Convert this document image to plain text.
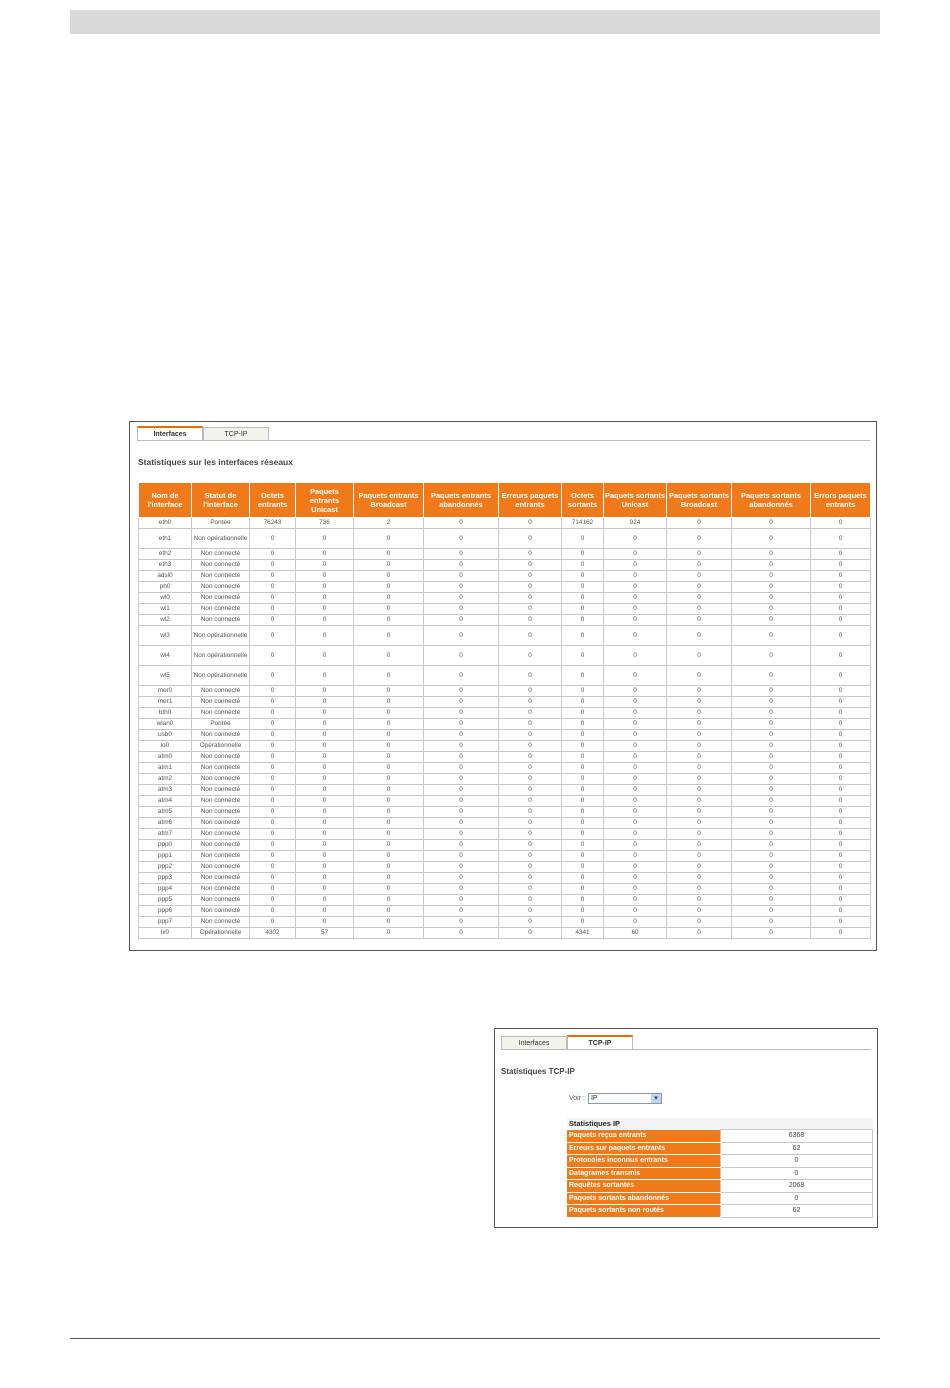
Interfaces	TCP-IP
Statistiques sur les interfaces réseaux
Nom de l'interface	Statut de l'interface	Octets entrants	Paquets entrants Unicast	Paquets entrants Broadcast	Paquets entrants abandonnés	Erreurs paquets entrants	Octets sortants	Paquets sortants Unicast	Paquets sortants Broadcast	Paquets sortants abandonnés	Errors paquets entrants
eth0	Pontée	76243	736	2	0	0	714162	924	0	0	0
eth1	Non opérationnelle	0	0	0	0	0	0	0	0	0	0
eth2	Non connecté	0	0	0	0	0	0	0	0	0	0
eth3	Non connecté	0	0	0	0	0	0	0	0	0	0
adsl0	Non connecté	0	0	0	0	0	0	0	0	0	0
ph0	Non connecté	0	0	0	0	0	0	0	0	0	0
wl0	Non connecté	0	0	0	0	0	0	0	0	0	0
wl1	Non connecté	0	0	0	0	0	0	0	0	0	0
wl2	Non connecté	0	0	0	0	0	0	0	0	0	0
wl3	Non opérationnelle	0	0	0	0	0	0	0	0	0	0
wl4	Non opérationnelle	0	0	0	0	0	0	0	0	0	0
wl5	Non opérationnelle	0	0	0	0	0	0	0	0	0	0
mer0	Non connecté	0	0	0	0	0	0	0	0	0	0
mer1	Non connecté	0	0	0	0	0	0	0	0	0	0
bth0	Non connecté	0	0	0	0	0	0	0	0	0	0
wlan0	Pontée	0	0	0	0	0	0	0	0	0	0
usb0	Non connecté	0	0	0	0	0	0	0	0	0	0
lo0	Opérationnelle	0	0	0	0	0	0	0	0	0	0
atm0	Non connecté	0	0	0	0	0	0	0	0	0	0
atm1	Non connecté	0	0	0	0	0	0	0	0	0	0
atm2	Non connecté	0	0	0	0	0	0	0	0	0	0
atm3	Non connecté	0	0	0	0	0	0	0	0	0	0
atm4	Non connecté	0	0	0	0	0	0	0	0	0	0
atm5	Non connecté	0	0	0	0	0	0	0	0	0	0
atm6	Non connecté	0	0	0	0	0	0	0	0	0	0
atm7	Non connecté	0	0	0	0	0	0	0	0	0	0
ppp0	Non connecté	0	0	0	0	0	0	0	0	0	0
ppp1	Non connecté	0	0	0	0	0	0	0	0	0	0
ppp2	Non connecté	0	0	0	0	0	0	0	0	0	0
ppp3	Non connecté	0	0	0	0	0	0	0	0	0	0
ppp4	Non connecté	0	0	0	0	0	0	0	0	0	0
ppp5	Non connecté	0	0	0	0	0	0	0	0	0	0
ppp6	Non connecté	0	0	0	0	0	0	0	0	0	0
ppp7	Non connecté	0	0	0	0	0	0	0	0	0	0
lx0	Opérationnelle	4302	57	0	0	0	4341	60	0	0	0
Interfaces	TCP-IP
Statistiques TCP-IP
Voir : IP	▾
Statistiques IP
Paquets reçus entrants	6368
Erreurs sur paquets entrants	62
Protocoles inconnus entrants	0
Datagrames transmis	0
Requêtes sortantes	2068
Paquets sortants abandonnés	0
Paquets sortants non routés	62
